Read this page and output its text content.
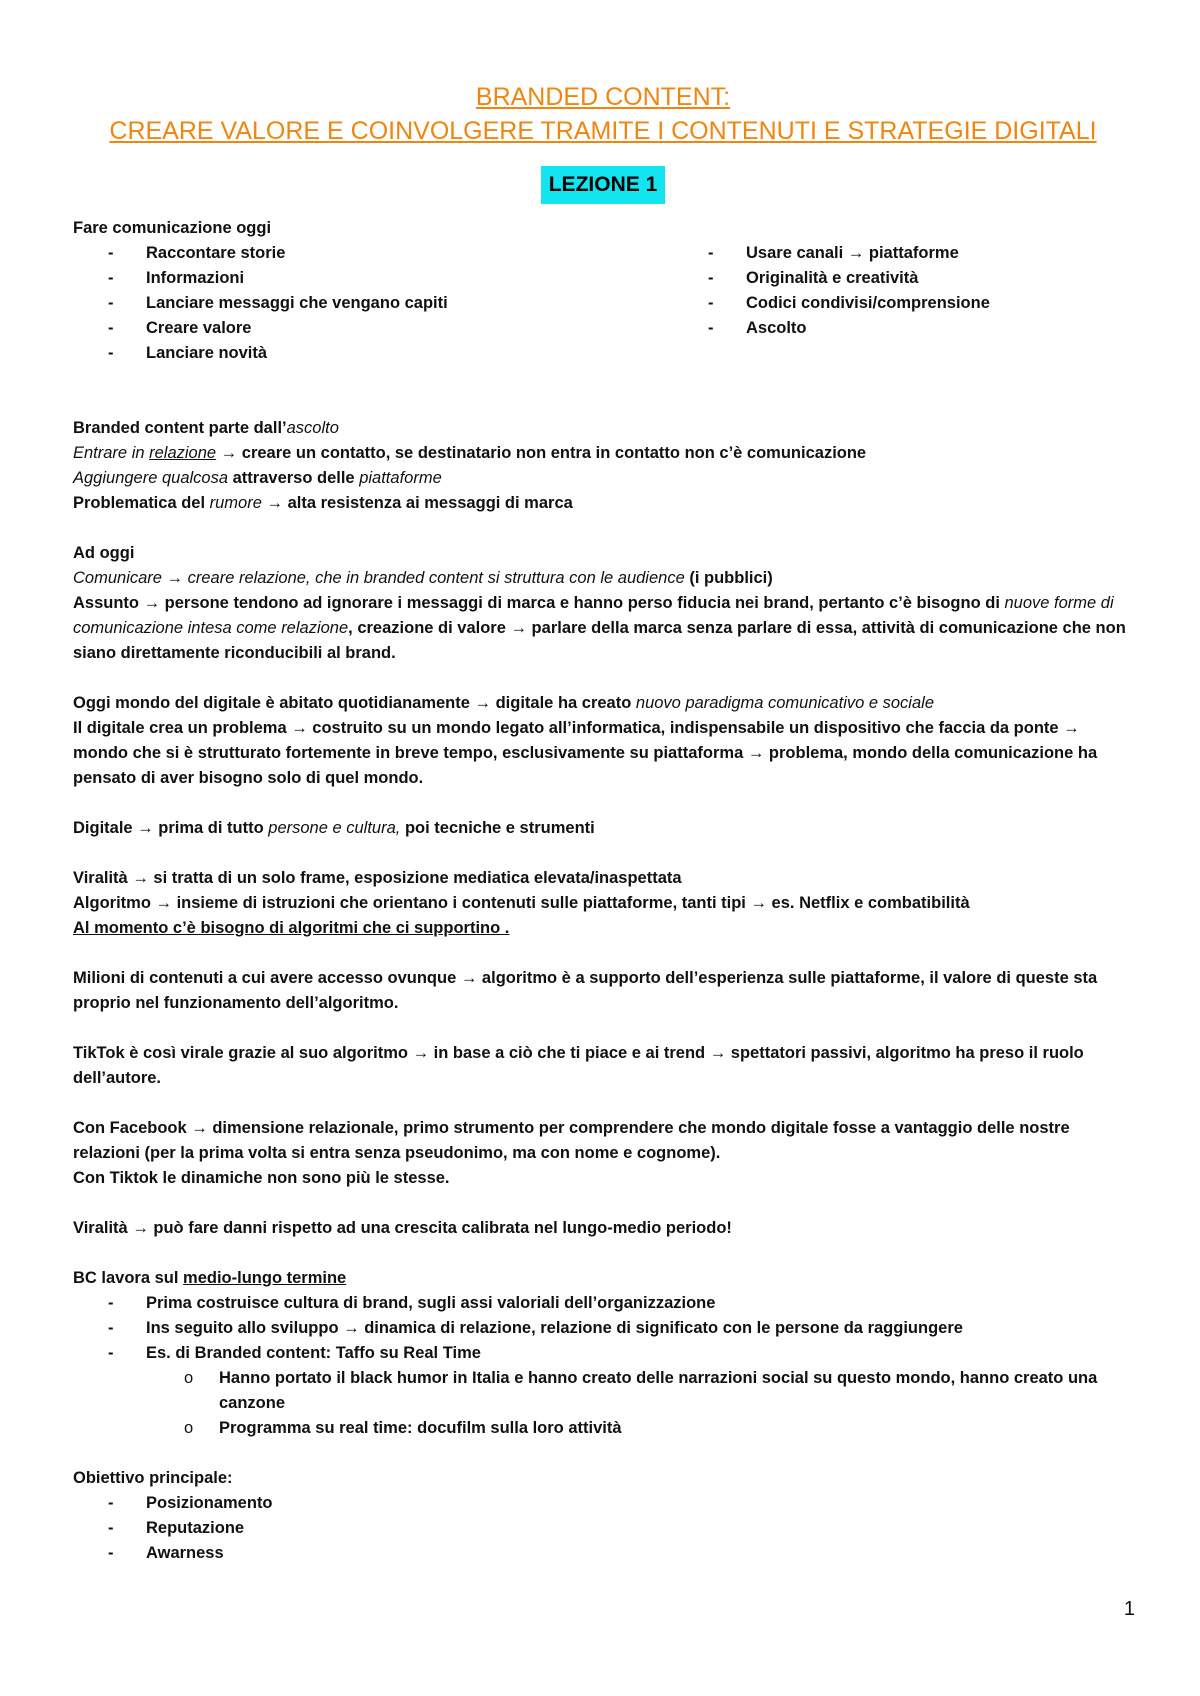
BRANDED CONTENT:
CREARE VALORE E COINVOLGERE TRAMITE I CONTENUTI E STRATEGIE DIGITALI
LEZIONE 1

Fare comunicazione oggi

- Raccontare storie
- Informazioni
- Lanciare messaggi che vengano capiti
- Creare valore
- Lanciare novità
- Usare canali → piattaforme
- Originalità e creatività
- Codici condivisi/comprensione
- Ascolto

Branded content parte dall’ascolto

Entrare in relazione → creare un contatto, se destinatario non entra in contatto non c’è comunicazione

Aggiungere qualcosa attraverso delle piattaforme

Problematica del rumore → alta resistenza ai messaggi di marca

Ad oggi

Comunicare → creare relazione, che in branded content si struttura con le audience (i pubblici)

Assunto → persone tendono ad ignorare i messaggi di marca e hanno perso fiducia nei brand, pertanto c’è bisogno di nuove forme di comunicazione intesa come relazione, creazione di valore → parlare della marca senza parlare di essa, attività di comunicazione che non siano direttamente riconducibili al brand.

Oggi mondo del digitale è abitato quotidianamente → digitale ha creato nuovo paradigma comunicativo e sociale

Il digitale crea un problema → costruito su un mondo legato all’informatica, indispensabile un dispositivo che faccia da ponte → mondo che si è strutturato fortemente in breve tempo, esclusivamente su piattaforma → problema, mondo della comunicazione ha pensato di aver bisogno solo di quel mondo.

Digitale → prima di tutto persone e cultura, poi tecniche e strumenti

Viralità → si tratta di un solo frame, esposizione mediatica elevata/inaspettata

Algoritmo → insieme di istruzioni che orientano i contenuti sulle piattaforme, tanti tipi → es. Netflix e combatibilità

Al momento c’è bisogno di algoritmi che ci supportino .

Milioni di contenuti a cui avere accesso ovunque → algoritmo è a supporto dell’esperienza sulle piattaforme, il valore di queste sta proprio nel funzionamento dell’algoritmo.

TikTok è così virale grazie al suo algoritmo → in base a ciò che ti piace e ai trend → spettatori passivi, algoritmo ha preso il ruolo dell’autore.

Con Facebook → dimensione relazionale, primo strumento per comprendere che mondo digitale fosse a vantaggio delle nostre relazioni (per la prima volta si entra senza pseudonimo, ma con nome e cognome).

Con Tiktok le dinamiche non sono più le stesse.

Viralità → può fare danni rispetto ad una crescita calibrata nel lungo-medio periodo!

BC lavora sul medio-lungo termine

- Prima costruisce cultura di brand, sugli assi valoriali dell’organizzazione
- Ins seguito allo sviluppo → dinamica di relazione, relazione di significato con le persone da raggiungere
- Es. di Branded content: Taffo su Real Time
o Hanno portato il black humor in Italia e hanno creato delle narrazioni social su questo mondo, hanno creato una canzone
o Programma su real time: docufilm sulla loro attività

Obiettivo principale:

- Posizionamento
- Reputazione
- Awarness
1
